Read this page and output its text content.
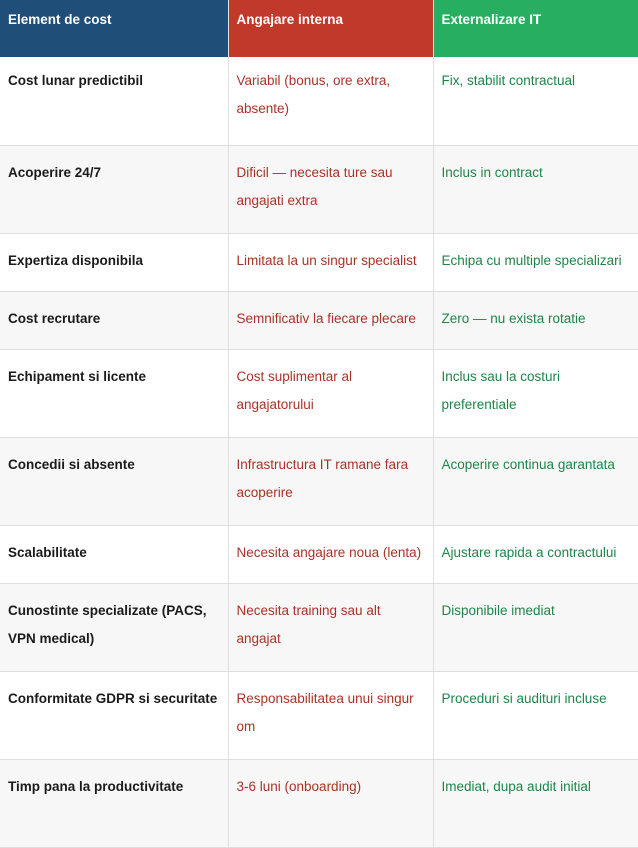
Element de cost	Angajare interna	Externalizare IT
Cost lunar predictibil	Variabil (bonus, ore extra, absente)	Fix, stabilit contractual
Acoperire 24/7	Dificil — necesita ture sau angajati extra	Inclus in contract
Expertiza disponibila	Limitata la un singur specialist	Echipa cu multiple specializari
Cost recrutare	Semnificativ la fiecare plecare	Zero — nu exista rotatie
Echipament si licente	Cost suplimentar al angajatorului	Inclus sau la costuri preferentiale
Concedii si absente	Infrastructura IT ramane fara acoperire	Acoperire continua garantata
Scalabilitate	Necesita angajare noua (lenta)	Ajustare rapida a contractului
Cunostinte specializate (PACS, VPN medical)	Necesita training sau alt angajat	Disponibile imediat
Conformitate GDPR si securitate	Responsabilitatea unui singur om	Proceduri si audituri incluse
Timp pana la productivitate	3-6 luni (onboarding)	Imediat, dupa audit initial
